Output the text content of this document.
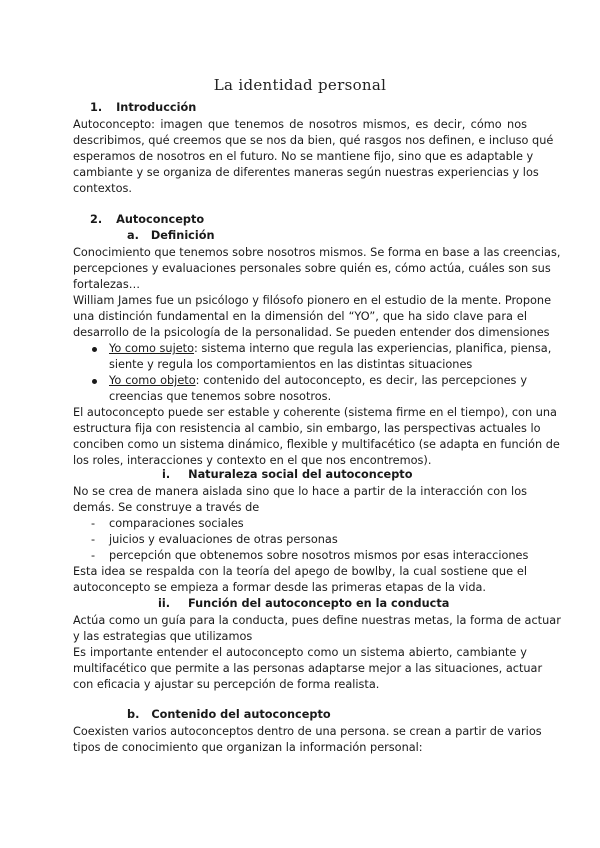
La identidad personal
1. Introducción
Autoconcepto: imagen que tenemos de nosotros mismos, es decir, cómo nos
describimos, qué creemos que se nos da bien, qué rasgos nos definen, e incluso qué
esperamos de nosotros en el futuro. No se mantiene fijo, sino que es adaptable y
cambiante y se organiza de diferentes maneras según nuestras experiencias y los
contextos.
2. Autoconcepto
a. Definición
Conocimiento que tenemos sobre nosotros mismos. Se forma en base a las creencias,
percepciones y evaluaciones personales sobre quién es, cómo actúa, cuáles son sus
fortalezas…
William James fue un psicólogo y filósofo pionero en el estudio de la mente. Propone
una distinción fundamental en la dimensión del “YO”, que ha sido clave para el
desarrollo de la psicología de la personalidad. Se pueden entender dos dimensiones
Yo como sujeto: sistema interno que regula las experiencias, planifica, piensa,
siente y regula los comportamientos en las distintas situaciones
Yo como objeto: contenido del autoconcepto, es decir, las percepciones y
creencias que tenemos sobre nosotros.
El autoconcepto puede ser estable y coherente (sistema firme en el tiempo), con una
estructura fija con resistencia al cambio, sin embargo, las perspectivas actuales lo
conciben como un sistema dinámico, flexible y multifacético (se adapta en función de
los roles, interacciones y contexto en el que nos encontremos).
i. Naturaleza social del autoconcepto
No se crea de manera aislada sino que lo hace a partir de la interacción con los
demás. Se construye a través de
- comparaciones sociales
- juicios y evaluaciones de otras personas
- percepción que obtenemos sobre nosotros mismos por esas interacciones
Esta idea se respalda con la teoría del apego de bowlby, la cual sostiene que el
autoconcepto se empieza a formar desde las primeras etapas de la vida.
ii. Función del autoconcepto en la conducta
Actúa como un guía para la conducta, pues define nuestras metas, la forma de actuar
y las estrategias que utilizamos
Es importante entender el autoconcepto como un sistema abierto, cambiante y
multifacético que permite a las personas adaptarse mejor a las situaciones, actuar
con eficacia y ajustar su percepción de forma realista.
b. Contenido del autoconcepto
Coexisten varios autoconceptos dentro de una persona. se crean a partir de varios
tipos de conocimiento que organizan la información personal:
